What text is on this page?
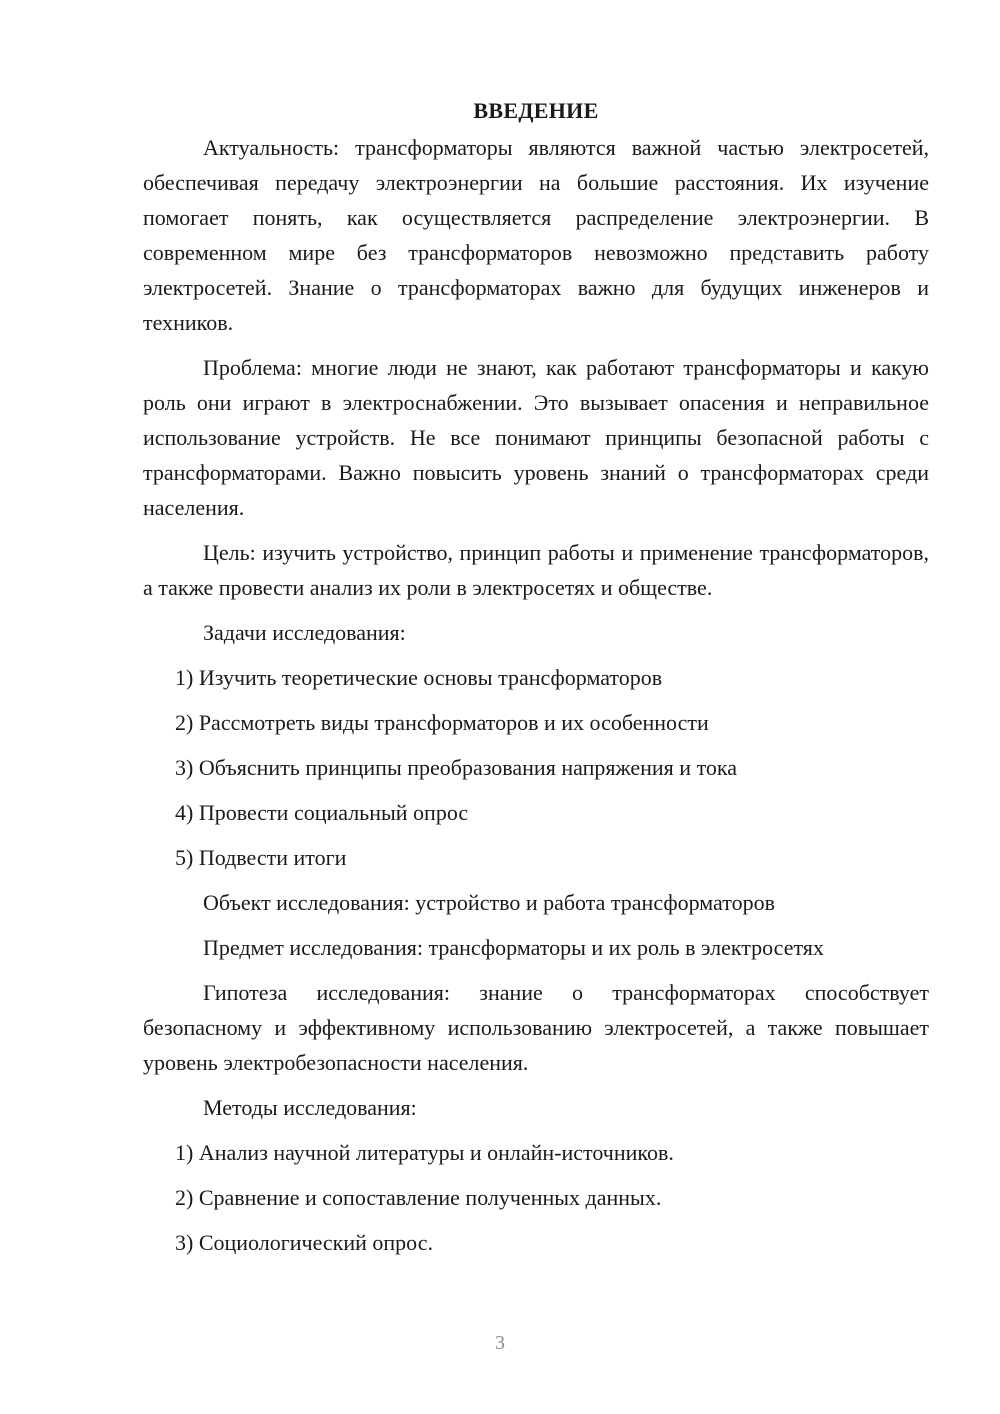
ВВЕДЕНИЕ

Актуальность: трансформаторы являются важной частью электросетей, обеспечивая передачу электроэнергии на большие расстояния. Их изучение помогает понять, как осуществляется распределение электроэнергии. В современном мире без трансформаторов невозможно представить работу электросетей. Знание о трансформаторах важно для будущих инженеров и техников.

Проблема: многие люди не знают, как работают трансформаторы и какую роль они играют в электроснабжении. Это вызывает опасения и неправильное использование устройств. Не все понимают принципы безопасной работы с трансформаторами. Важно повысить уровень знаний о трансформаторах среди населения.

Цель: изучить устройство, принцип работы и применение трансформаторов, а также провести анализ их роли в электросетях и обществе.

Задачи исследования:

1) Изучить теоретические основы трансформаторов
2) Рассмотреть виды трансформаторов и их особенности
3) Объяснить принципы преобразования напряжения и тока
4) Провести социальный опрос
5) Подвести итоги

Объект исследования: устройство и работа трансформаторов

Предмет исследования: трансформаторы и их роль в электросетях

Гипотеза исследования: знание о трансформаторах способствует безопасному и эффективному использованию электросетей, а также повышает уровень электробезопасности населения.

Методы исследования:

1) Анализ научной литературы и онлайн-источников.
2) Сравнение и сопоставление полученных данных.
3) Социологический опрос.
3
